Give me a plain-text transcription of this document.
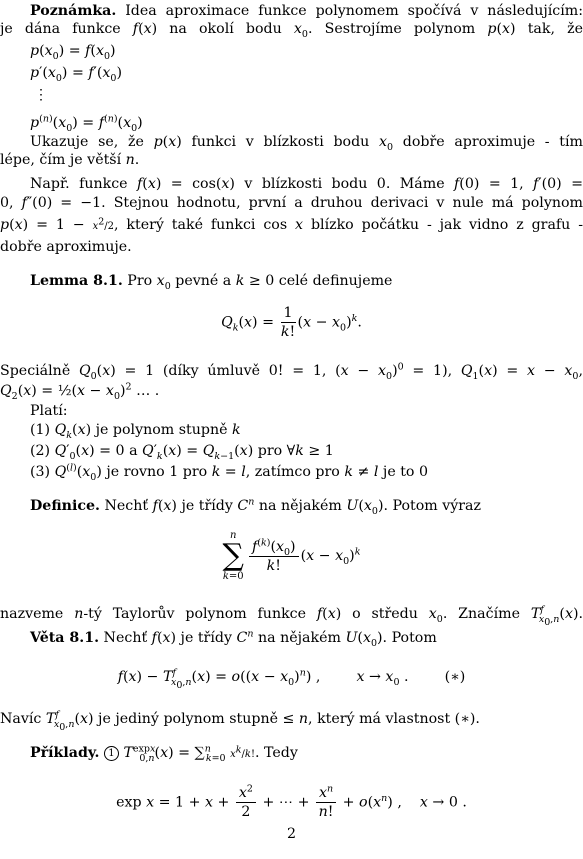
Poznámka. Idea aproximace funkce polynomem spočívá v následujícím:
je dána funkce f(x) na okolí bodu $x_0$. Sestrojíme polynom p(x) tak, že
$p(x_0) = f(x_0)$
$p'(x_0) = f'(x_0)$
⋮
$p^{(n)}(x_0) = f^{(n)}(x_0)$
Ukazuje se, že p(x) funkci v blízkosti bodu $x_0$ dobře aproximuje - tím
lépe, čím je větší n.
Např. funkce f(x) = cos(x) v blízkosti bodu 0. Máme f(0) = 1, f′(0) =
0, f″(0) = −1. Stejnou hodnotu, první a druhou derivaci v nule má polynom
$p(x) = 1 - x^2/2$, který také funkci cos x blízko počátku - jak vidno z grafu -
dobře aproximuje.
Lemma 8.1. Pro $x_0$ pevné a k ≥ 0 celé definujeme
$Q_k(x) = \frac{1}{k!} (x - x_0)^k$.
Speciálně $Q_0(x) = 1$ (díky úmluvě 0! = 1, $(x - x_0)^0 = 1$), $Q_1(x) = x - x_0$,
$Q_2(x)$ = ½(x − $x_0)^2$ … .
Platí:
(1) $Q_k(x)$ je polynom stupně k
(2) $Q'_0(x) = 0$ a $Q'_k(x) = Q_{k-1}(x)$ pro ∀k ≥ 1
(3) $Q^{(l)}(x_0)$ je rovno 1 pro k = l, zatímco pro k ≠ l je to 0
Definice. Nechť f(x) je třídy $C^n$ na nějakém $U(x_0)$. Potom výraz
n
∑
k=0
$\frac{f^{(k)}(x_0)}{k!} (x - x_0)^k$
nazveme n-tý Taylorův polynom funkce f(x) o středu $x_0$. Značíme $T^f_{x_0,n}(x)$.
Věta 8.1. Nechť f(x) je třídy $C^n$ na nějakém $U(x_0)$. Potom
$f(x) - T^f_{x_0,n}(x) = o((x - x_0)^n)$ ,        $x \to x_0$ .        (∗)
Navíc $T^f_{x_0,n}(x)$ je jediný polynom stupně ≤ n, který má vlastnost (∗).
Příklady. 1 $T^{expx}_{0,n}(x) = \sum^n_{k=0}$ $x^k/k$!. Tedy
$\exp x = 1 + x + \frac{x^2}{2}$ + ⋯ + $\frac{x^n}{n!} + o(x^n)$ ,    x → 0 .
2
